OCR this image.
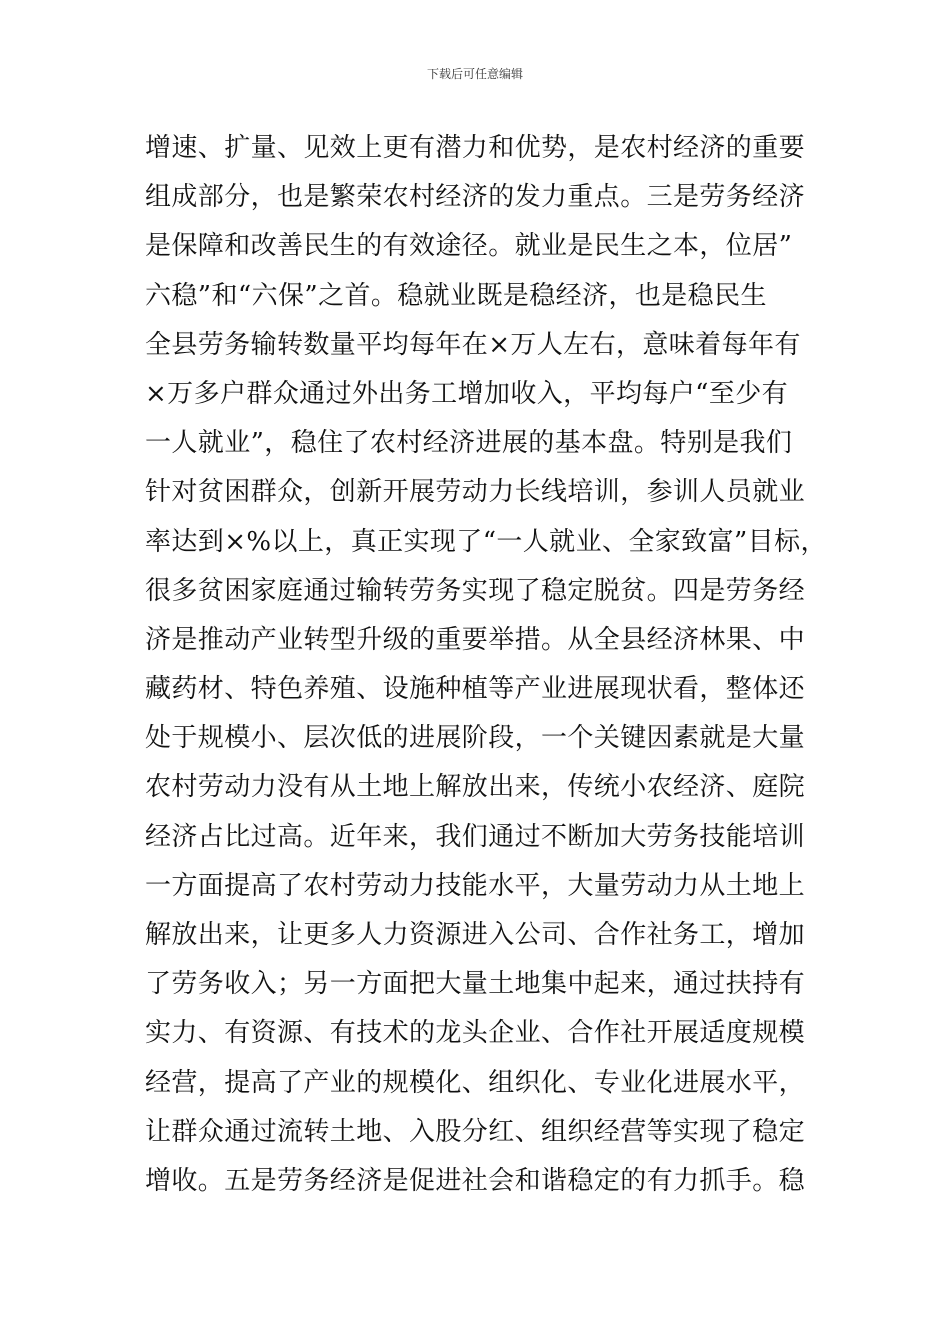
下载后可任意编辑
增速、扩量、见效上更有潜力和优势，是农村经济的重要
组成部分，也是繁荣农村经济的发力重点。三是劳务经济
是保障和改善民生的有效途径。就业是民生之本，位居”
六稳”和“六保”之首。稳就业既是稳经济，也是稳民生
全县劳务输转数量平均每年在×万人左右，意味着每年有
×万多户群众通过外出务工增加收入，平均每户“至少有
一人就业”，稳住了农村经济进展的基本盘。特别是我们
针对贫困群众，创新开展劳动力长线培训，参训人员就业
率达到×%以上，真正实现了“一人就业、全家致富”目标，
很多贫困家庭通过输转劳务实现了稳定脱贫。四是劳务经
济是推动产业转型升级的重要举措。从全县经济林果、中
藏药材、特色养殖、设施种植等产业进展现状看，整体还
处于规模小、层次低的进展阶段，一个关键因素就是大量
农村劳动力没有从土地上解放出来，传统小农经济、庭院
经济占比过高。近年来，我们通过不断加大劳务技能培训
一方面提高了农村劳动力技能水平，大量劳动力从土地上
解放出来，让更多人力资源进入公司、合作社务工，增加
了劳务收入；另一方面把大量土地集中起来，通过扶持有
实力、有资源、有技术的龙头企业、合作社开展适度规模
经营，提高了产业的规模化、组织化、专业化进展水平，
让群众通过流转土地、入股分红、组织经营等实现了稳定
增收。五是劳务经济是促进社会和谐稳定的有力抓手。稳
